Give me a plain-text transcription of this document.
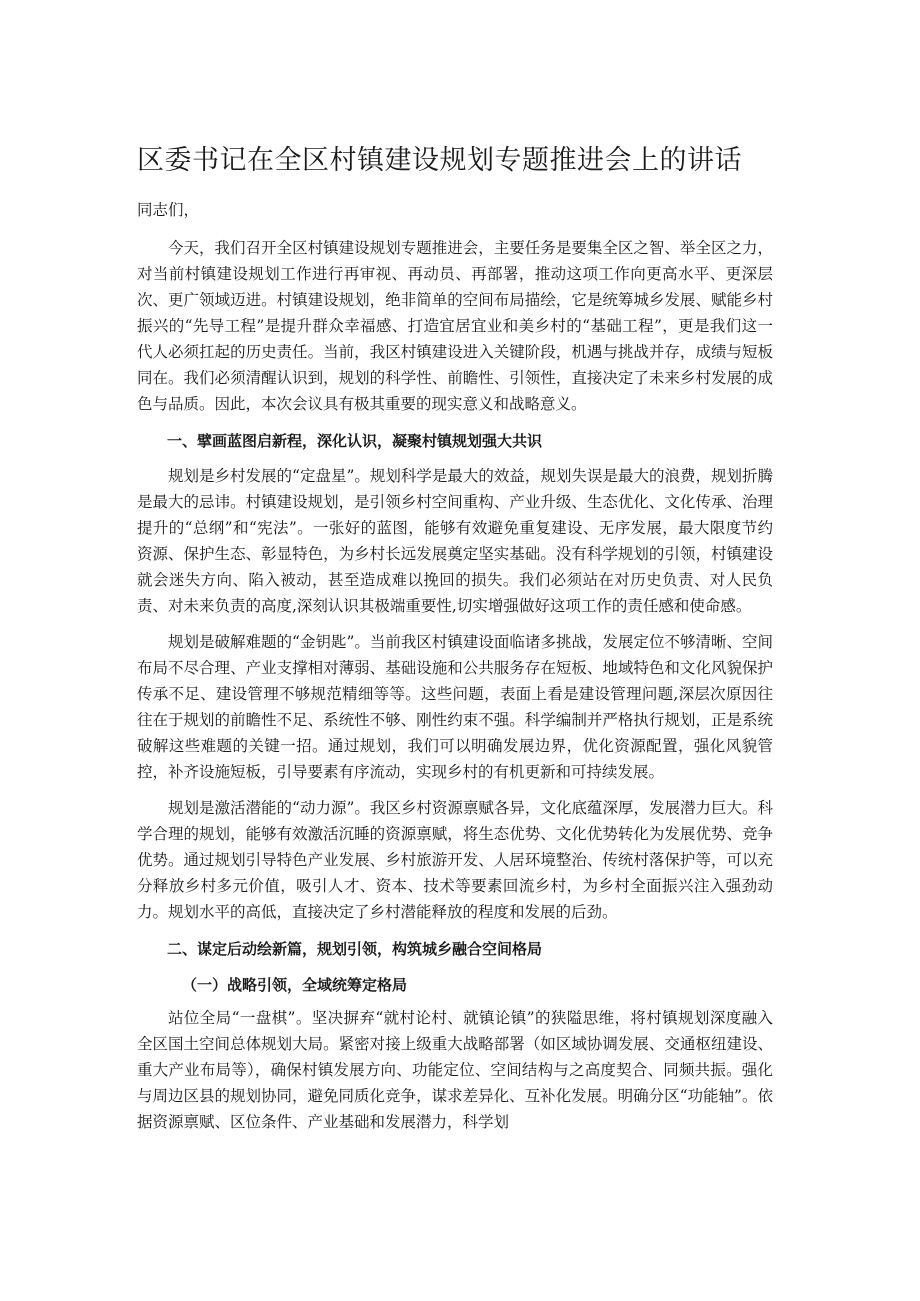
区委书记在全区村镇建设规划专题推进会上的讲话

同志们，

今天，我们召开全区村镇建设规划专题推进会，主要任务是要集全区之智、举全区之力，对当前村镇建设规划工作进行再审视、再动员、再部署，推动这项工作向更高水平、更深层次、更广领域迈进。村镇建设规划，绝非简单的空间布局描绘，它是统筹城乡发展、赋能乡村振兴的“先导工程”是提升群众幸福感、打造宜居宜业和美乡村的“基础工程”，更是我们这一代人必须扛起的历史责任。当前，我区村镇建设进入关键阶段，机遇与挑战并存，成绩与短板同在。我们必须清醒认识到，规划的科学性、前瞻性、引领性，直接决定了未来乡村发展的成色与品质。因此，本次会议具有极其重要的现实意义和战略意义。

一、擘画蓝图启新程，深化认识，凝聚村镇规划强大共识

规划是乡村发展的“定盘星”。规划科学是最大的效益，规划失误是最大的浪费，规划折腾是最大的忌讳。村镇建设规划，是引领乡村空间重构、产业升级、生态优化、文化传承、治理提升的“总纲”和“宪法”。一张好的蓝图，能够有效避免重复建设、无序发展，最大限度节约资源、保护生态、彰显特色，为乡村长远发展奠定坚实基础。没有科学规划的引领，村镇建设就会迷失方向、陷入被动，甚至造成难以挽回的损失。我们必须站在对历史负责、对人民负责、对未来负责的高度,深刻认识其极端重要性,切实增强做好这项工作的责任感和使命感。

规划是破解难题的“金钥匙”。当前我区村镇建设面临诸多挑战，发展定位不够清晰、空间布局不尽合理、产业支撑相对薄弱、基础设施和公共服务存在短板、地域特色和文化风貌保护传承不足、建设管理不够规范精细等等。这些问题，表面上看是建设管理问题,深层次原因往往在于规划的前瞻性不足、系统性不够、刚性约束不强。科学编制并严格执行规划，正是系统破解这些难题的关键一招。通过规划，我们可以明确发展边界，优化资源配置，强化风貌管控，补齐设施短板，引导要素有序流动，实现乡村的有机更新和可持续发展。

规划是激活潜能的“动力源”。我区乡村资源禀赋各异，文化底蕴深厚，发展潜力巨大。科学合理的规划，能够有效激活沉睡的资源禀赋，将生态优势、文化优势转化为发展优势、竞争优势。通过规划引导特色产业发展、乡村旅游开发、人居环境整治、传统村落保护等，可以充分释放乡村多元价值，吸引人才、资本、技术等要素回流乡村，为乡村全面振兴注入强劲动力。规划水平的高低，直接决定了乡村潜能释放的程度和发展的后劲。

二、谋定后动绘新篇，规划引领，构筑城乡融合空间格局

（一）战略引领，全域统筹定格局

站位全局“一盘棋”。坚决摒弃“就村论村、就镇论镇”的狭隘思维，将村镇规划深度融入全区国土空间总体规划大局。紧密对接上级重大战略部署（如区域协调发展、交通枢纽建设、重大产业布局等），确保村镇发展方向、功能定位、空间结构与之高度契合、同频共振。强化与周边区县的规划协同，避免同质化竞争，谋求差异化、互补化发展。明确分区“功能轴”。依据资源禀赋、区位条件、产业基础和发展潜力，科学划
